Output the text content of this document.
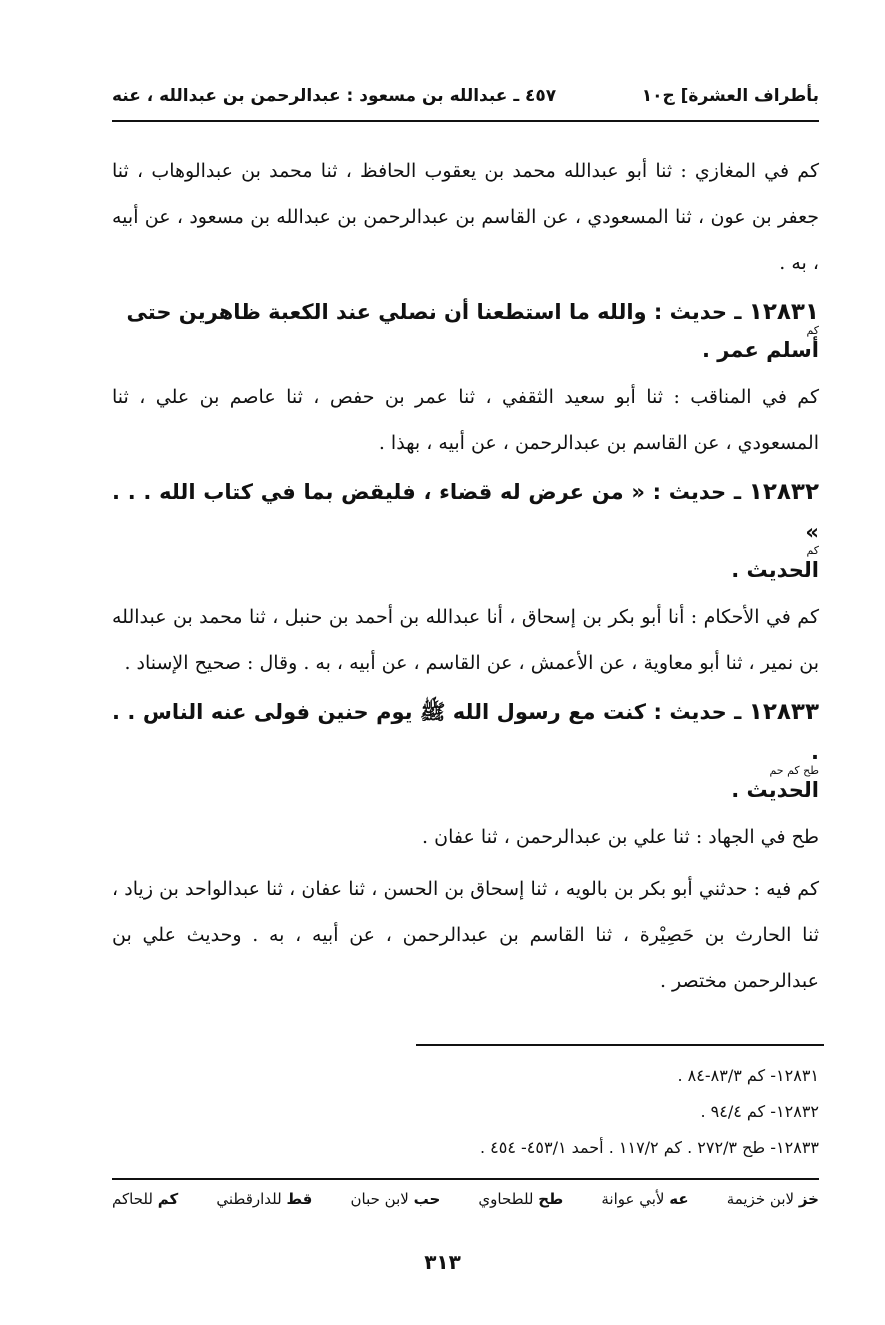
بأطراف العشرة] ج١٠
٤٥٧ ـ عبدالله بن مسعود : عبدالرحمن بن عبدالله ، عنه

كم في المغازي : ثنا أبو عبدالله محمد بن يعقوب الحافظ ، ثنا محمد بن عبدالوهاب ، ثنا جعفر بن عون ، ثنا المسعودي ، عن القاسم بن عبدالرحمن بن عبدالله بن مسعود ، عن أبيه ، به .

١٢٨٣١ ـ حديث : والله ما استطعنا أن نصلي عند الكعبة ظاهرين حتى
كم
أسلم عمر .

كم في المناقب : ثنا أبو سعيد الثقفي ، ثنا عمر بن حفص ، ثنا عاصم بن علي ، ثنا المسعودي ، عن القاسم بن عبدالرحمن ، عن أبيه ، بهذا .

١٢٨٣٢ ـ حديث : « من عرض له قضاء ، فليقض بما في كتاب الله . . . »
كم
الحديث .

كم في الأحكام : أنا أبو بكر بن إسحاق ، أنا عبدالله بن أحمد بن حنبل ، ثنا محمد بن عبدالله بن نمير ، ثنا أبو معاوية ، عن الأعمش ، عن القاسم ، عن أبيه ، به . وقال : صحيح الإسناد .

١٢٨٣٣ ـ حديث : كنت مع رسول الله ﷺ يوم حنين فولى عنه الناس . . .
طح كم حم
الحديث .

طح في الجهاد : ثنا علي بن عبدالرحمن ، ثنا عفان .

كم فيه : حدثني أبو بكر بن بالويه ، ثنا إسحاق بن الحسن ، ثنا عفان ، ثنا عبدالواحد بن زياد ، ثنا الحارث بن حَصِيْرة ، ثنا القاسم بن عبدالرحمن ، عن أبيه ، به . وحديث علي بن عبدالرحمن مختصر .

١٢٨٣١- كم ٨٣/٣-٨٤ .
١٢٨٣٢- كم ٩٤/٤ .
١٢٨٣٣- طح ٢٧٢/٣ . كم ١١٧/٢ . أحمد ٤٥٣/١- ٤٥٤ .
خز لابن خزيمة
عه لأبي عوانة
طح للطحاوي
حب لابن حبان
قط للدارقطني
كم للحاكم
٣١٣
